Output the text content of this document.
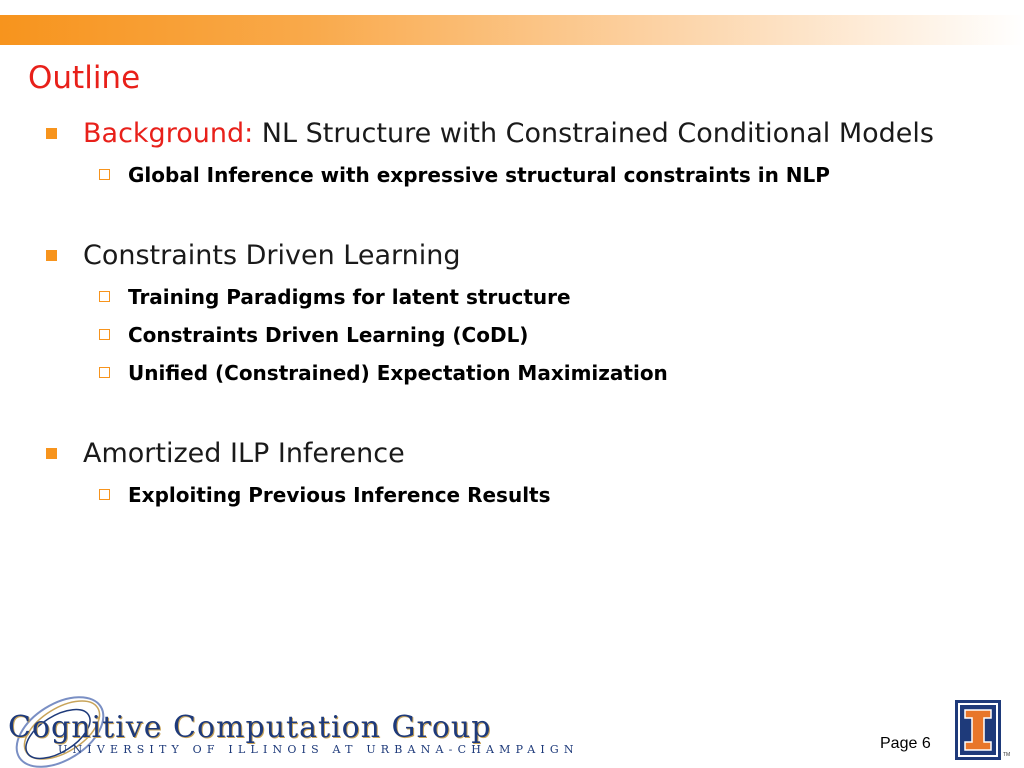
Outline
Background: NL Structure with Constrained Conditional Models
Global Inference with expressive structural constraints in NLP
Constraints Driven Learning
Training Paradigms for latent structure
Constraints Driven Learning (CoDL)
Unified (Constrained) Expectation Maximization
Amortized ILP Inference
Exploiting Previous Inference Results
Cognitive Computation Group
UNIVERSITY OF ILLINOIS AT URBANA-CHAMPAIGN	Page 6
TM
